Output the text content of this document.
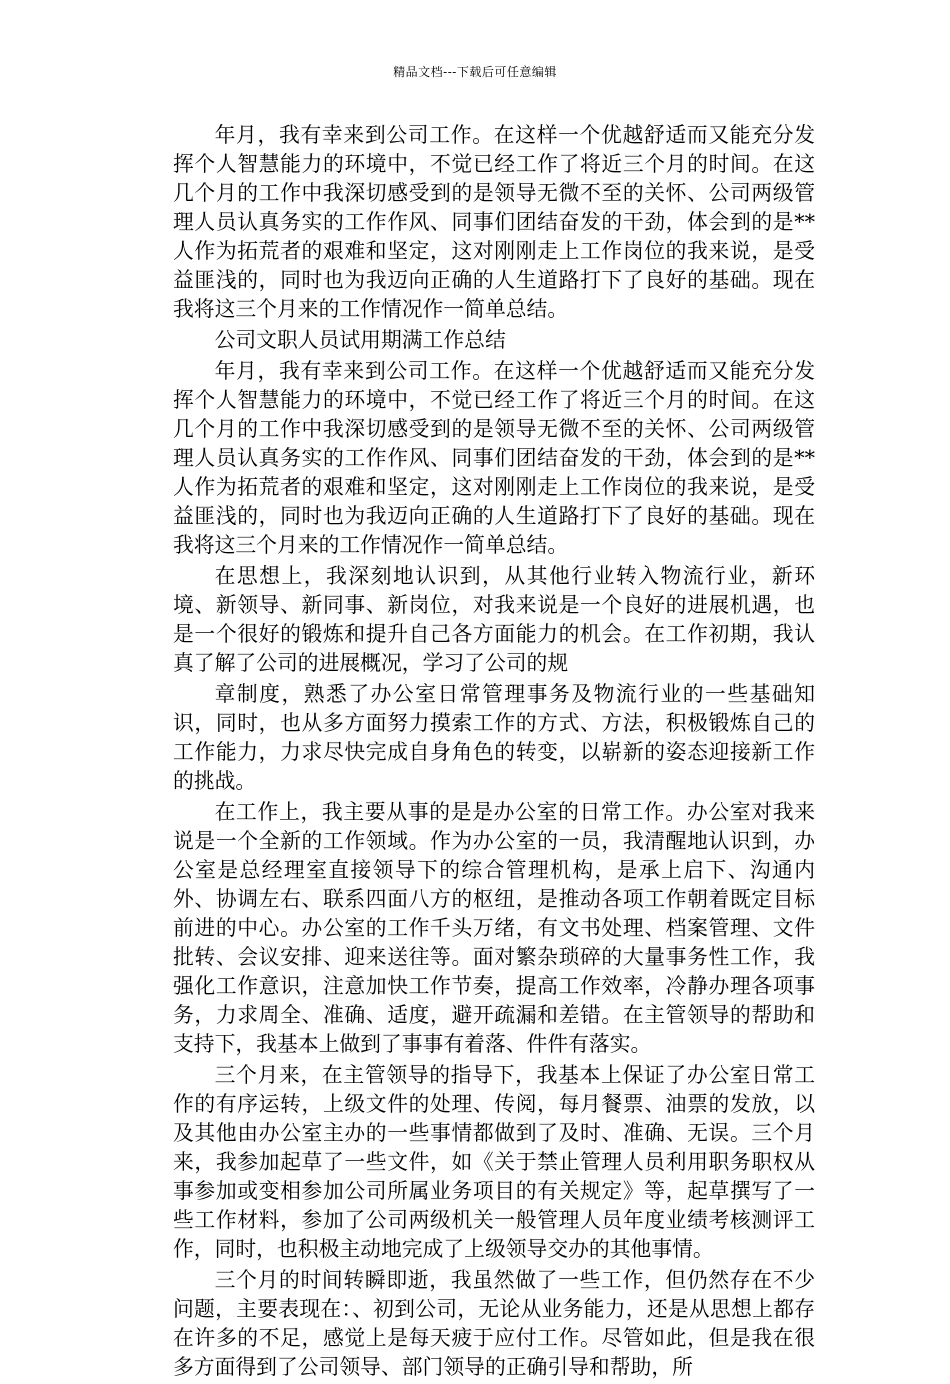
精品文档---下载后可任意编辑

年月，我有幸来到公司工作。在这样一个优越舒适而又能充分发挥个人智慧能力的环境中，不觉已经工作了将近三个月的时间。在这几个月的工作中我深切感受到的是领导无微不至的关怀、公司两级管理人员认真务实的工作作风、同事们团结奋发的干劲，体会到的是**人作为拓荒者的艰难和坚定，这对刚刚走上工作岗位的我来说，是受益匪浅的，同时也为我迈向正确的人生道路打下了良好的基础。现在我将这三个月来的工作情况作一简单总结。

公司文职人员试用期满工作总结

年月，我有幸来到公司工作。在这样一个优越舒适而又能充分发挥个人智慧能力的环境中，不觉已经工作了将近三个月的时间。在这几个月的工作中我深切感受到的是领导无微不至的关怀、公司两级管理人员认真务实的工作作风、同事们团结奋发的干劲，体会到的是**人作为拓荒者的艰难和坚定，这对刚刚走上工作岗位的我来说，是受益匪浅的，同时也为我迈向正确的人生道路打下了良好的基础。现在我将这三个月来的工作情况作一简单总结。

在思想上，我深刻地认识到，从其他行业转入物流行业，新环境、新领导、新同事、新岗位，对我来说是一个良好的进展机遇，也是一个很好的锻炼和提升自己各方面能力的机会。在工作初期，我认真了解了公司的进展概况，学习了公司的规

章制度，熟悉了办公室日常管理事务及物流行业的一些基础知识，同时，也从多方面努力摸索工作的方式、方法，积极锻炼自己的工作能力，力求尽快完成自身角色的转变，以崭新的姿态迎接新工作的挑战。

在工作上，我主要从事的是是办公室的日常工作。办公室对我来说是一个全新的工作领域。作为办公室的一员，我清醒地认识到，办公室是总经理室直接领导下的综合管理机构，是承上启下、沟通内外、协调左右、联系四面八方的枢纽，是推动各项工作朝着既定目标前进的中心。办公室的工作千头万绪，有文书处理、档案管理、文件批转、会议安排、迎来送往等。面对繁杂琐碎的大量事务性工作，我强化工作意识，注意加快工作节奏，提高工作效率，冷静办理各项事务，力求周全、准确、适度，避开疏漏和差错。在主管领导的帮助和支持下，我基本上做到了事事有着落、件件有落实。

三个月来，在主管领导的指导下，我基本上保证了办公室日常工作的有序运转，上级文件的处理、传阅，每月餐票、油票的发放，以及其他由办公室主办的一些事情都做到了及时、准确、无误。三个月来，我参加起草了一些文件，如《关于禁止管理人员利用职务职权从事参加或变相参加公司所属业务项目的有关规定》等，起草撰写了一些工作材料，参加了公司两级机关一般管理人员年度业绩考核测评工作，同时，也积极主动地完成了上级领导交办的其他事情。

三个月的时间转瞬即逝，我虽然做了一些工作，但仍然存在不少问题，主要表现在：、初到公司，无论从业务能力，还是从思想上都存在许多的不足，感觉上是每天疲于应付工作。尽管如此，但是我在很多方面得到了公司领导、部门领导的正确引导和帮助，所
